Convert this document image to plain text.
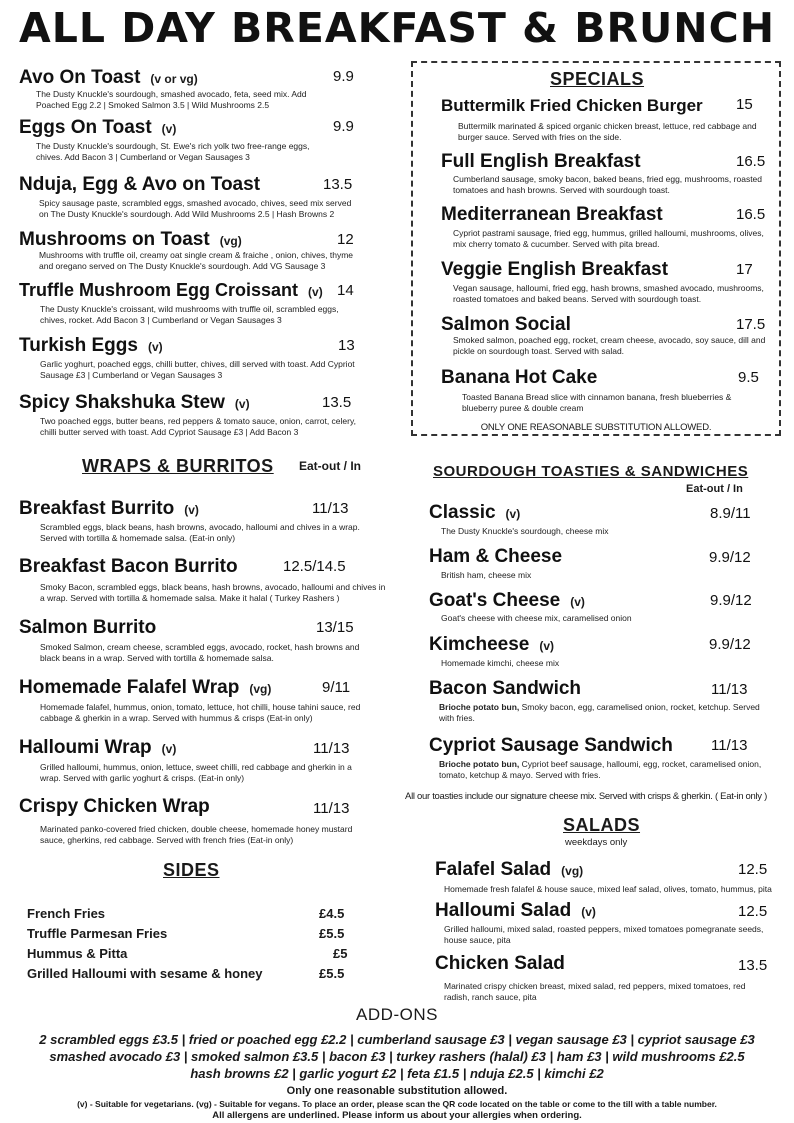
ALL DAY BREAKFAST & BRUNCH
Avo On Toast (v or vg)	9.9
The Dusty Knuckle's sourdough, smashed avocado, feta, seed mix. Add Poached Egg 2.2 | Smoked Salmon 3.5 | Wild Mushrooms 2.5
Eggs On Toast (v)	9.9
The Dusty Knuckle's sourdough, St. Ewe's rich yolk two free-range eggs, chives. Add Bacon 3 | Cumberland or Vegan Sausages 3
Nduja, Egg & Avo on Toast	13.5
Spicy sausage paste, scrambled eggs, smashed avocado, chives, seed mix served on The Dusty Knuckle's sourdough. Add Wild Mushrooms 2.5 | Hash Browns 2
Mushrooms on Toast (vg)	12
Mushrooms with truffle oil, creamy oat single cream & fraiche , onion, chives, thyme and oregano served on The Dusty Knuckle's sourdough. Add VG Sausage 3
Truffle Mushroom Egg Croissant (v) 14
The Dusty Knuckle's croissant, wild mushrooms with truffle oil, scrambled eggs, chives, rocket. Add Bacon 3 | Cumberland or Vegan Sausages 3
Turkish Eggs (v)	13
Garlic yoghurt, poached eggs, chilli butter, chives, dill served with toast. Add Cypriot Sausage £3 | Cumberland or Vegan Sausages 3
Spicy Shakshuka Stew (v)	13.5
Two poached eggs, butter beans, red peppers & tomato sauce, onion, carrot, celery, chilli butter served with toast. Add Cypriot Sausage £3 | Add Bacon 3
WRAPS & BURRITOS Eat-out / In
Breakfast Burrito (v)	11/13
Scrambled eggs, black beans, hash browns, avocado, halloumi and chives in a wrap. Served with tortilla & homemade salsa. (Eat-in only)
Breakfast Bacon Burrito	12.5/14.5
Smoky Bacon, scrambled eggs, black beans, hash browns, avocado, halloumi and chives in a wrap. Served with tortilla & homemade salsa. Make it halal ( Turkey Rashers )
Salmon Burrito	13/15
Smoked Salmon, cream cheese, scrambled eggs, avocado, rocket, hash browns and black beans in a wrap. Served with tortilla & homemade salsa.
Homemade Falafel Wrap (vg)	9/11
Homemade falafel, hummus, onion, tomato, lettuce, hot chilli, house tahini sauce, red cabbage & gherkin in a wrap. Served with hummus & crisps (Eat-in only)
Halloumi Wrap (v)	11/13
Grilled halloumi, hummus, onion, lettuce, sweet chilli, red cabbage and gherkin in a wrap. Served with garlic yoghurt & crisps. (Eat-in only)
Crispy Chicken Wrap	11/13
Marinated panko-covered fried chicken, double cheese, homemade honey mustard sauce, gherkins, red cabbage. Served with french fries (Eat-in only)
SIDES
French Fries	£4.5
Truffle Parmesan Fries	£5.5
Hummus & Pitta	£5
Grilled Halloumi with sesame & honey	£5.5
SPECIALS
Buttermilk Fried Chicken Burger 15
Buttermilk marinated & spiced organic chicken breast, lettuce, red cabbage and burger sauce. Served with fries on the side.
Full English Breakfast	16.5
Cumberland sausage, smoky bacon, baked beans, fried egg, mushrooms, roasted tomatoes and hash browns. Served with sourdough toast.
Mediterranean Breakfast	16.5
Cypriot pastrami sausage, fried egg, hummus, grilled halloumi, mushrooms, olives, mix cherry tomato & cucumber. Served with pita bread.
Veggie English Breakfast	17
Vegan sausage, halloumi, fried egg, hash browns, smashed avocado, mushrooms, roasted tomatoes and baked beans. Served with sourdough toast.
Salmon Social	17.5
Smoked salmon, poached egg, rocket, cream cheese, avocado, soy sauce, dill and pickle on sourdough toast. Served with salad.
Banana Hot Cake	9.5
Toasted Banana Bread slice with cinnamon banana, fresh blueberries & blueberry puree & double cream
ONLY ONE REASONABLE SUBSTITUTION ALLOWED.
SOURDOUGH TOASTIES & SANDWICHES
Eat-out / In
Classic (v)	8.9/11
The Dusty Knuckle's sourdough, cheese mix
Ham & Cheese	9.9/12
British ham, cheese mix
Goat's Cheese (v)	9.9/12
Goat's cheese with cheese mix, caramelised onion
Kimcheese (v)	9.9/12
Homemade kimchi, cheese mix
Bacon Sandwich	11/13
Brioche potato bun, Smoky bacon, egg, caramelised onion, rocket, ketchup. Served with fries.
Cypriot Sausage Sandwich	11/13
Brioche potato bun, Cypriot beef sausage, halloumi, egg, rocket, caramelised onion, tomato, ketchup & mayo. Served with fries.
All our toasties include our signature cheese mix. Served with crisps & gherkin. ( Eat-in only )
SALADS
weekdays only
Falafel Salad (vg)	12.5
Homemade fresh falafel & house sauce, mixed leaf salad, olives, tomato, hummus, pita
Halloumi Salad (v)	12.5
Grilled halloumi, mixed salad, roasted peppers, mixed tomatoes pomegranate seeds, house sauce, pita
Chicken Salad	13.5
Marinated crispy chicken breast, mixed salad, red peppers, mixed tomatoes, red radish, ranch sauce, pita
ADD-ONS
2 scrambled eggs £3.5 | fried or poached egg £2.2 | cumberland sausage £3 | vegan sausage £3 | cypriot sausage £3
smashed avocado £3 | smoked salmon £3.5 | bacon £3 | turkey rashers (halal) £3 | ham £3 | wild mushrooms £2.5
hash browns £2 | garlic yogurt £2 | feta £1.5 | nduja £2.5 | kimchi £2
Only one reasonable substitution allowed.
(v) - Suitable for vegetarians. (vg) - Suitable for vegans. To place an order, please scan the QR code located on the table or come to the till with a table number.
All allergens are underlined. Please inform us about your allergies when ordering.
